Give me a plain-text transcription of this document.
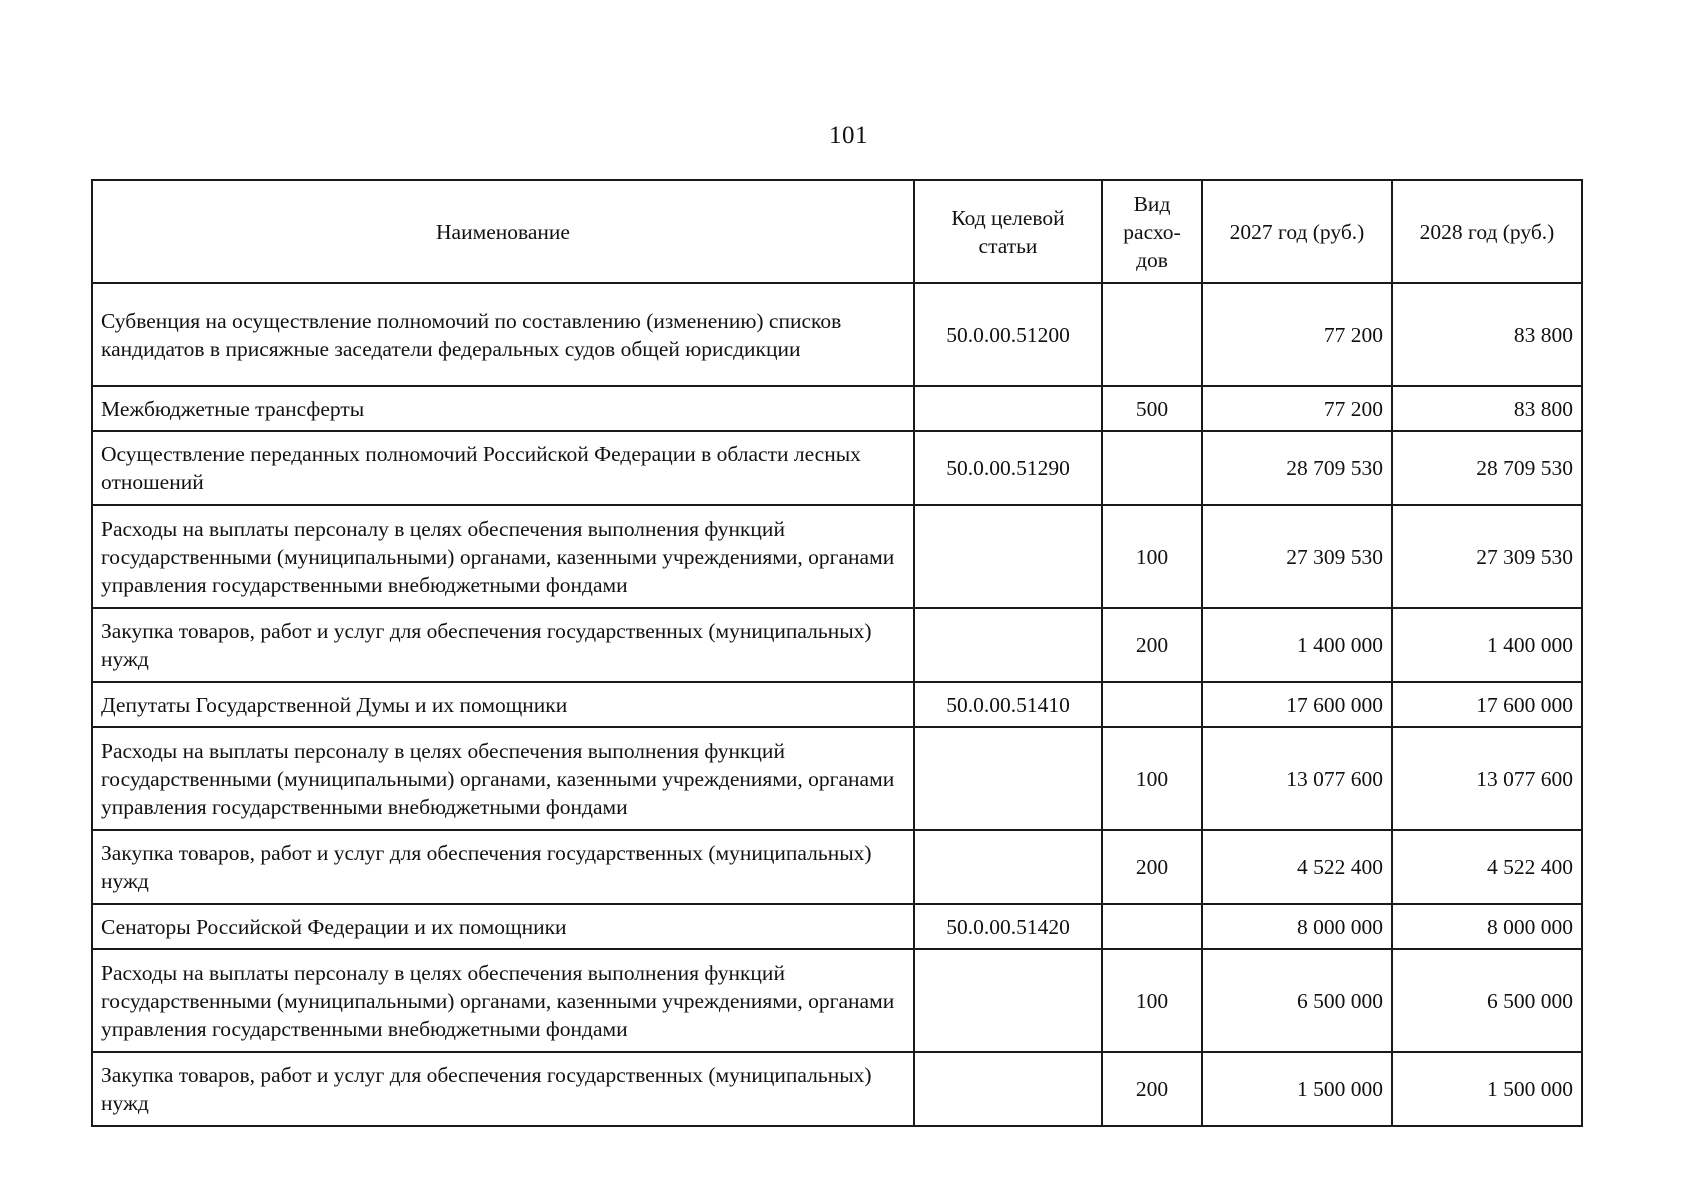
101
Наименование	Код целевой статьи	Вид расхо-дов	2027 год (руб.)	2028 год (руб.)
Субвенция на осуществление полномочий по составлению (изменению) списков кандидатов в присяжные заседатели федеральных судов общей юрисдикции	50.0.00.51200		77 200	83 800
Межбюджетные трансферты		500	77 200	83 800
Осуществление переданных полномочий Российской Федерации в области лесных отношений	50.0.00.51290		28 709 530	28 709 530
Расходы на выплаты персоналу в целях обеспечения выполнения функций государственными (муниципальными) органами, казенными учреждениями, органами управления государственными внебюджетными фондами		100	27 309 530	27 309 530
Закупка товаров, работ и услуг для обеспечения государственных (муниципальных) нужд		200	1 400 000	1 400 000
Депутаты Государственной Думы и их помощники	50.0.00.51410		17 600 000	17 600 000
Расходы на выплаты персоналу в целях обеспечения выполнения функций государственными (муниципальными) органами, казенными учреждениями, органами управления государственными внебюджетными фондами		100	13 077 600	13 077 600
Закупка товаров, работ и услуг для обеспечения государственных (муниципальных) нужд		200	4 522 400	4 522 400
Сенаторы Российской Федерации и их помощники	50.0.00.51420		8 000 000	8 000 000
Расходы на выплаты персоналу в целях обеспечения выполнения функций государственными (муниципальными) органами, казенными учреждениями, органами управления государственными внебюджетными фондами		100	6 500 000	6 500 000
Закупка товаров, работ и услуг для обеспечения государственных (муниципальных) нужд		200	1 500 000	1 500 000
